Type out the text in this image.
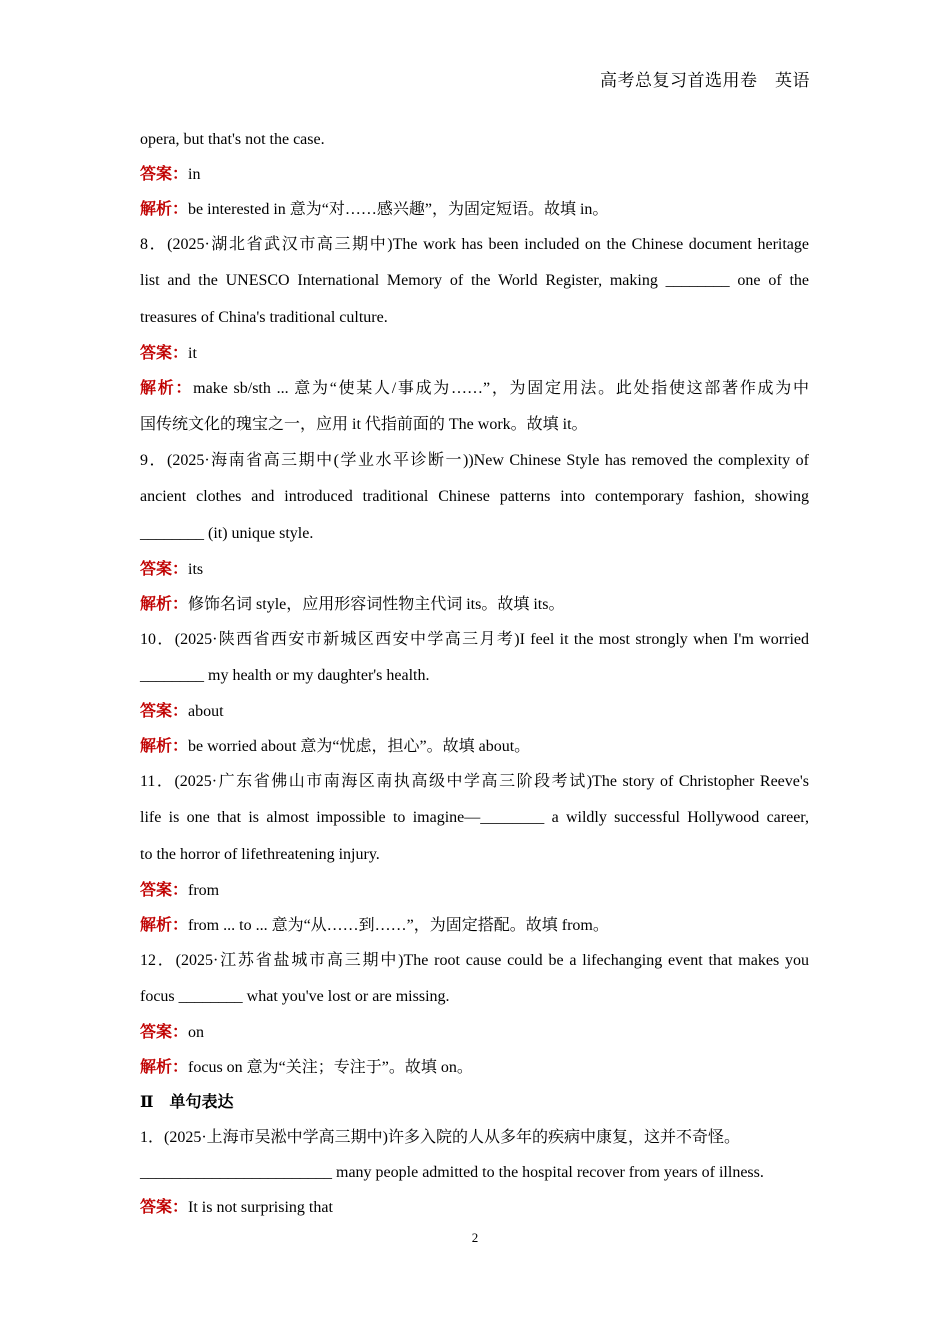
高考总复习首选用卷　英语
opera, but that's not the case.
答案：in
解析：be interested in 意为“对……感兴趣”，为固定短语。故填 in。
8．(2025·湖北省武汉市高三期中)The work has been included on the Chinese document heritage
list and the UNESCO International Memory of the World Register, making ________ one of the
treasures of China's traditional culture.
答案：it
解析：make sb/sth ... 意为“使某人/事成为……”，为固定用法。此处指使这部著作成为中
国传统文化的瑰宝之一，应用 it 代指前面的 The work。故填 it。
9．(2025·海南省高三期中(学业水平诊断一))New Chinese Style has removed the complexity of
ancient clothes and introduced traditional Chinese patterns into contemporary fashion, showing
________ (it) unique style.
答案：its
解析：修饰名词 style，应用形容词性物主代词 its。故填 its。
10．(2025·陕西省西安市新城区西安中学高三月考)I feel it the most strongly when I'm worried
________ my health or my daughter's health.
答案：about
解析：be worried about 意为“忧虑，担心”。故填 about。
11．(2025·广东省佛山市南海区南执高级中学高三阶段考试)The story of Christopher Reeve's
life is one that is almost impossible to imagine—________ a wildly successful Hollywood career,
to the horror of lifethreatening injury.
答案：from
解析：from ... to ... 意为“从……到……”，为固定搭配。故填 from。
12．(2025·江苏省盐城市高三期中)The root cause could be a lifechanging event that makes you
focus ________ what you've lost or are missing.
答案：on
解析：focus on 意为“关注；专注于”。故填 on。
Ⅱ　 单句表达
1．(2025·上海市吴淞中学高三期中)许多入院的人从多年的疾病中康复，这并不奇怪。
________________________ many people admitted to the hospital recover from years of illness.
答案：It is not surprising that
2
